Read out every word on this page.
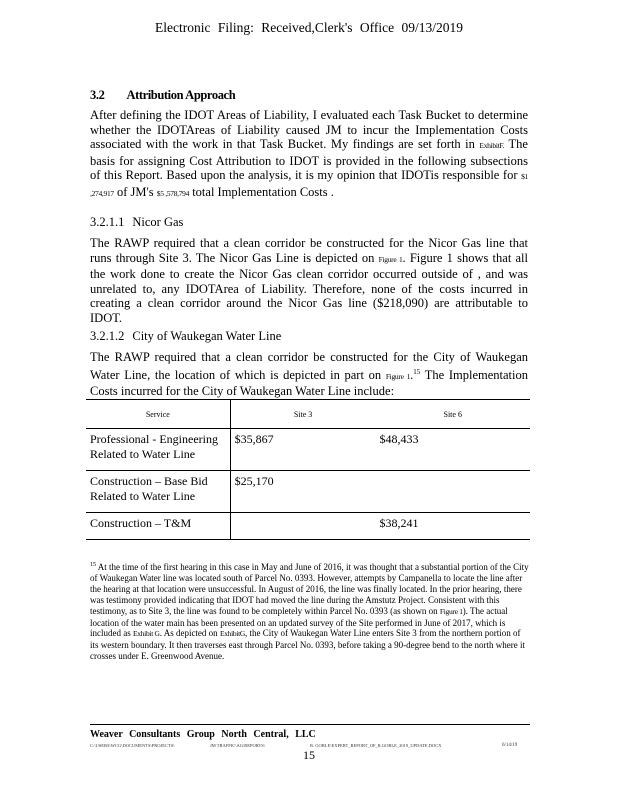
Electronic Filing: Received,Clerk's Office 09/13/2019
3.2 Attribution Approach
After defining the IDOT Areas of Liability, I evaluated each Task Bucket to determine whether the IDOTAreas of Liability caused JM to incur the Implementation Costs associated with the work in that Task Bucket. My findings are set forth in ExhibitF. The basis for assigning Cost Attribution to IDOT is provided in the following subsections of this Report. Based upon the analysis, it is my opinion that IDOTis responsible for $1 ,274,917 of JM's $5 ,578,794 total Implementation Costs .
3.2.1.1 Nicor Gas
The RAWP required that a clean corridor be constructed for the Nicor Gas line that runs through Site 3. The Nicor Gas Line is depicted on Figure 1. Figure 1 shows that all the work done to create the Nicor Gas clean corridor occurred outside of , and was unrelated to, any IDOTArea of Liability. Therefore, none of the costs incurred in creating a clean corridor around the Nicor Gas line ($218,090) are attributable to IDOT.
3.2.1.2 City of Waukegan Water Line
The RAWP required that a clean corridor be constructed for the City of Waukegan Water Line, the location of which is depicted in part on Figure 1.15 The Implementation Costs incurred for the City of Waukegan Water Line include:
Service	Site 3	Site 6
Professional - Engineering Related to Water Line	$35,867	$48,433
Construction – Base Bid Related to Water Line	$25,170	
Construction – T&M		$38,241
$^{15}$ At the time of the first hearing in this case in May and June of 2016, it was thought that a substantial portion of the City of Waukegan Water line was located south of Parcel No. 0393. However, attempts by Campanella to locate the line after the hearing at that location were unsuccessful. In August of 2016, the line was finally located. In the prior hearing, there was testimony provided indicating that IDOT had moved the line during the Amstutz Project. Consistent with this testimony, as to Site 3, the line was found to be completely within Parcel No. 0393 (as shown on Figure 1). The actual location of the water main has been presented on an updated survey of the Site performed in June of 2017, which is included as Exhibit G. As depicted on ExhibitG, the City of Waukegan Water Line enters Site 3 from the northern portion of its western boundary. It then traverses east through Parcel No. 0393, before taking a 90-degree bend to the north where it crosses under E. Greenwood Avenue.
Weaver Consultants Group North Central, LLC
C:\USERS\WCG\DOCUMENTS\PROJECTS\	JM TRAFFIC\AG\REPORTS\	R. GOBLE\EXPERT_REPORT_OF_R.GOBLE_2019_UPDATE.DOCX	6/14/19
15
